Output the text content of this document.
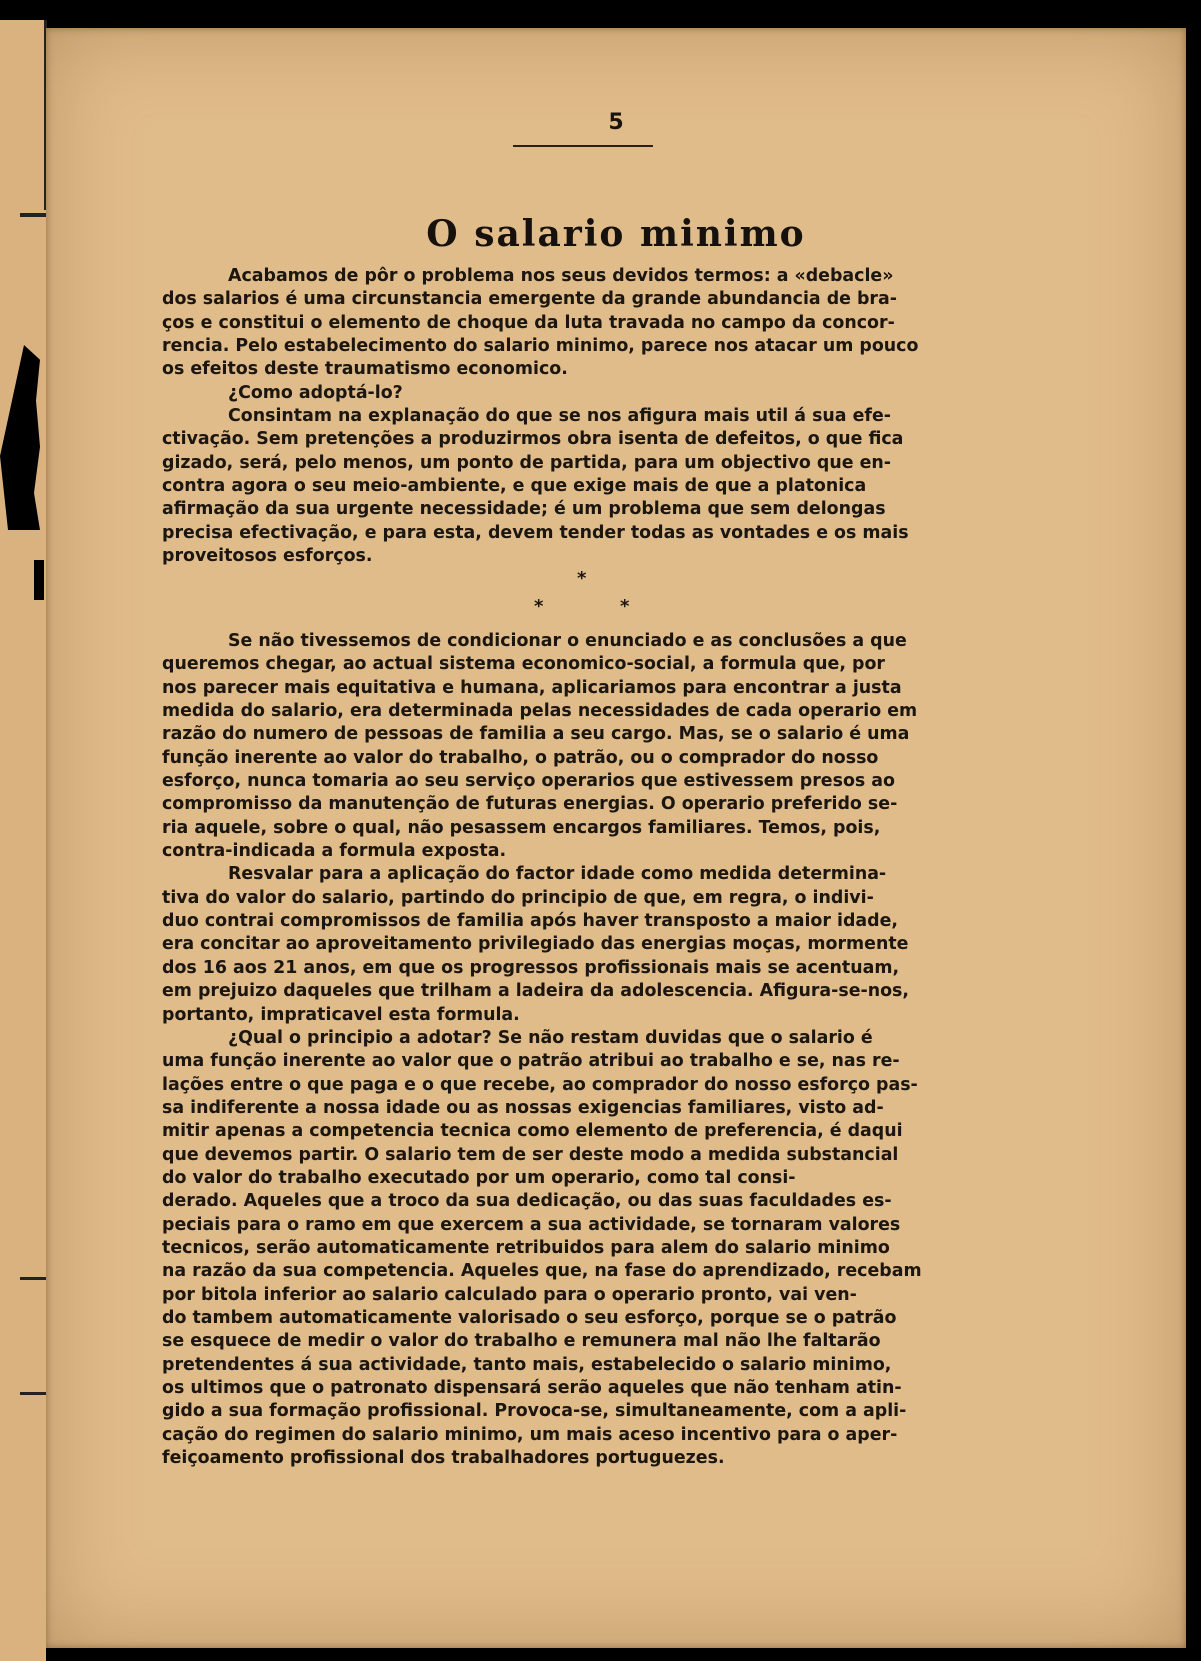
5
O salario minimo

Acabamos de pôr o problema nos seus devidos termos: a «debacle»
dos salarios é uma circunstancia emergente da grande abundancia de bra-
ços e constitui o elemento de choque da luta travada no campo da concor-
rencia. Pelo estabelecimento do salario minimo, parece nos atacar um pouco
os efeitos deste traumatismo economico.

¿Como adoptá-lo?

Consintam na explanação do que se nos afigura mais util á sua efe-
ctivação. Sem pretenções a produzirmos obra isenta de defeitos, o que fica
gizado, será, pelo menos, um ponto de partida, para um objectivo que en-
contra agora o seu meio-ambiente, e que exige mais de que a platonica
afirmação da sua urgente necessidade; é um problema que sem delongas
precisa efectivação, e para esta, devem tender todas as vontades e os mais
proveitosos esforços.

*
*	*

Se não tivessemos de condicionar o enunciado e as conclusões a que
queremos chegar, ao actual sistema economico-social, a formula que, por
nos parecer mais equitativa e humana, aplicariamos para encontrar a justa
medida do salario, era determinada pelas necessidades de cada operario em
razão do numero de pessoas de familia a seu cargo. Mas, se o salario é uma
função inerente ao valor do trabalho, o patrão, ou o comprador do nosso
esforço, nunca tomaria ao seu serviço operarios que estivessem presos ao
compromisso da manutenção de futuras energias. O operario preferido se-
ria aquele, sobre o qual, não pesassem encargos familiares. Temos, pois,
contra-indicada a formula exposta.

Resvalar para a aplicação do factor idade como medida determina-
tiva do valor do salario, partindo do principio de que, em regra, o indivi-
duo contrai compromissos de familia após haver transposto a maior idade,
era concitar ao aproveitamento privilegiado das energias moças, mormente
dos 16 aos 21 anos, em que os progressos profissionais mais se acentuam,
em prejuizo daqueles que trilham a ladeira da adolescencia. Afigura-se-nos,
portanto, impraticavel esta formula.

¿Qual o principio a adotar? Se não restam duvidas que o salario é
uma função inerente ao valor que o patrão atribui ao trabalho e se, nas re-
lações entre o que paga e o que recebe, ao comprador do nosso esforço pas-
sa indiferente a nossa idade ou as nossas exigencias familiares, visto ad-
mitir apenas a competencia tecnica como elemento de preferencia, é daqui
que devemos partir. O salario tem de ser deste modo a medida substancial
do valor do trabalho executado por um operario, como tal consi-
derado. Aqueles que a troco da sua dedicação, ou das suas faculdades es-
peciais para o ramo em que exercem a sua actividade, se tornaram valores
tecnicos, serão automaticamente retribuidos para alem do salario minimo
na razão da sua competencia. Aqueles que, na fase do aprendizado, recebam
por bitola inferior ao salario calculado para o operario pronto, vai ven-
do tambem automaticamente valorisado o seu esforço, porque se o patrão
se esquece de medir o valor do trabalho e remunera mal não lhe faltarão
pretendentes á sua actividade, tanto mais, estabelecido o salario minimo,
os ultimos que o patronato dispensará serão aqueles que não tenham atin-
gido a sua formação profissional. Provoca-se, simultaneamente, com a apli-
cação do regimen do salario minimo, um mais aceso incentivo para o aper-
feiçoamento profissional dos trabalhadores portuguezes.
